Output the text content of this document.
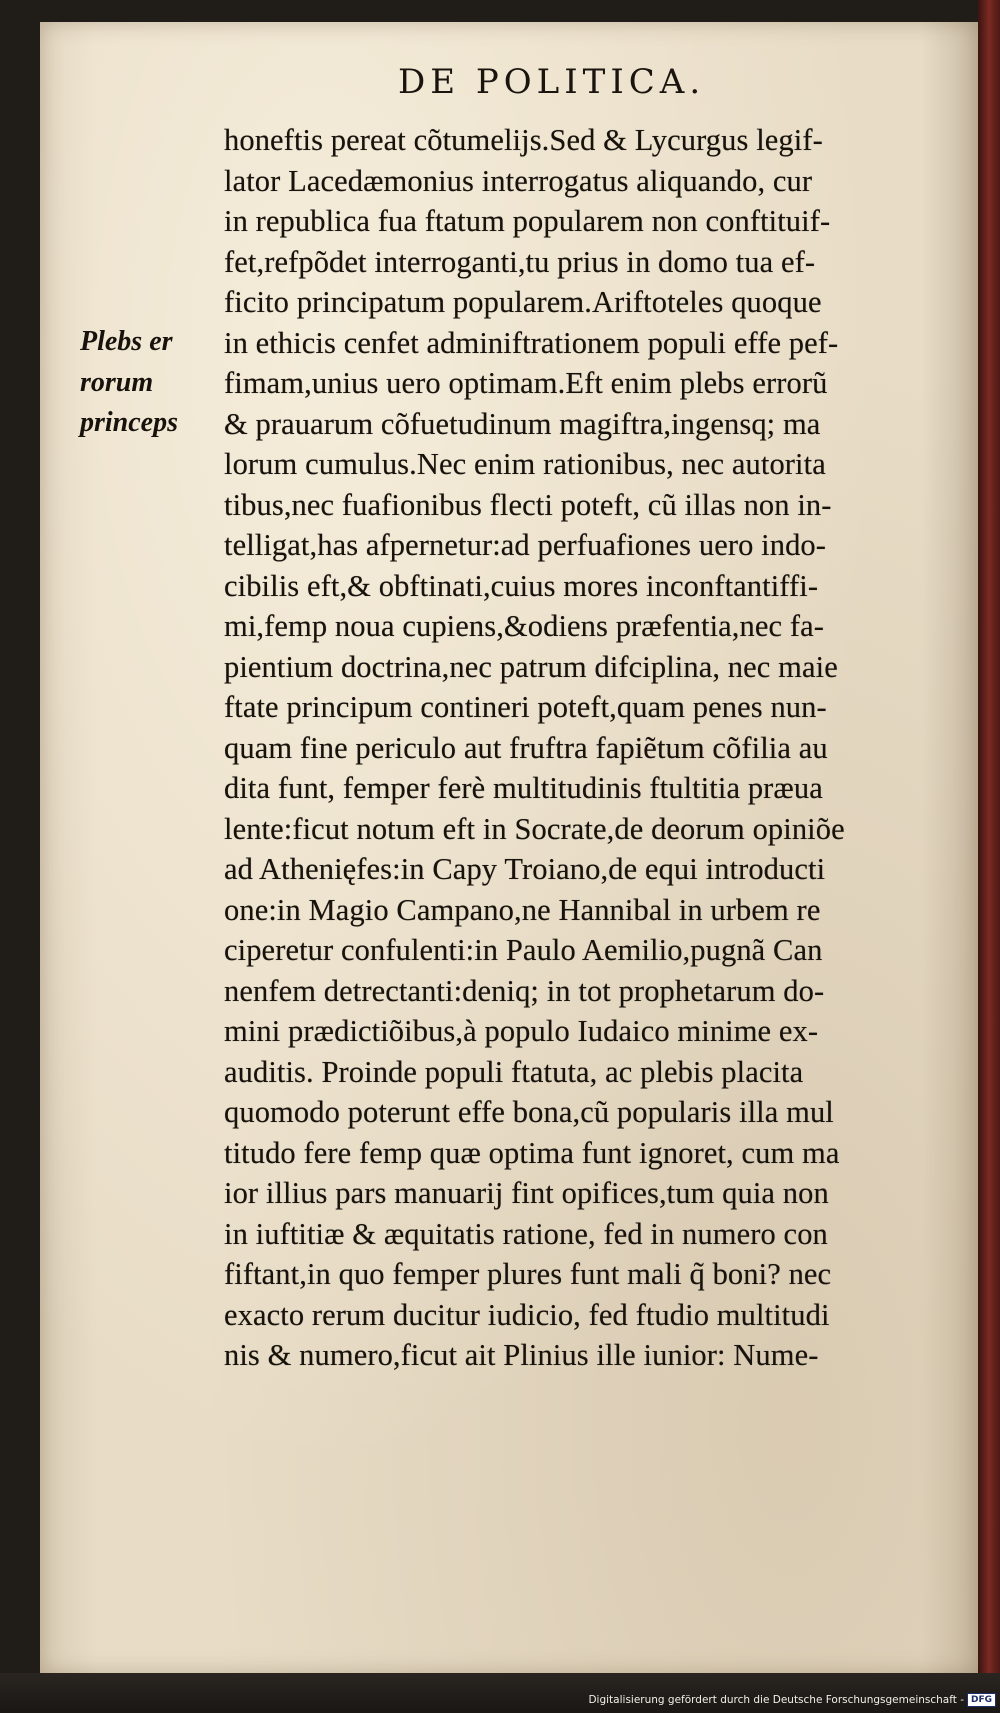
DE POLITICA.
Plebs er
rorum
princeps
honeftis pereat cõtumelijs.Sed & Lycurgus legif-
lator Lacedæmonius interrogatus aliquando, cur
in republica fua ftatum popularem non conftituif-
fet,refpõdet interroganti,tu prius in domo tua ef-
ficito principatum popularem.Ariftoteles quoque
in ethicis cenfet adminiftrationem populi effe pef-
fimam,unius uero optimam.Eft enim plebs errorũ
& prauarum cõfuetudinum magiftra,ingensq; ma
lorum cumulus.Nec enim rationibus, nec autorita
tibus,nec fuafionibus flecti poteft, cũ illas non in-
telligat,has afpernetur:ad perfuafiones uero indo-
cibilis eft,& obftinati,cuius mores inconftantiffi-
mi,femp noua cupiens,&odiens præfentia,nec fa-
pientium doctrina,nec patrum difciplina, nec maie
ftate principum contineri poteft,quam penes nun-
quam fine periculo aut fruftra fapiẽtum cõfilia au
dita funt, femper ferè multitudinis ftultitia præua
lente:ficut notum eft in Socrate,de deorum opiniõe
ad Athenięfes:in Capy Troiano,de equi introducti
one:in Magio Campano,ne Hannibal in urbem re
ciperetur confulenti:in Paulo Aemilio,pugnã Can
nenfem detrectanti:deniq; in tot prophetarum do-
mini prædictiõibus,à populo Iudaico minime ex-
auditis. Proinde populi ftatuta, ac plebis placita
quomodo poterunt effe bona,cũ popularis illa mul
titudo fere femp quæ optima funt ignoret, cum ma
ior illius pars manuarij fint opifices,tum quia non
in iuftitiæ & æquitatis ratione, fed in numero con
fiftant,in quo femper plures funt mali q̃ boni? nec
exacto rerum ducitur iudicio, fed ftudio multitudi
nis & numero,ficut ait Plinius ille iunior: Nume-
Digitalisierung gefördert durch die Deutsche Forschungsgemeinschaft - DFG
